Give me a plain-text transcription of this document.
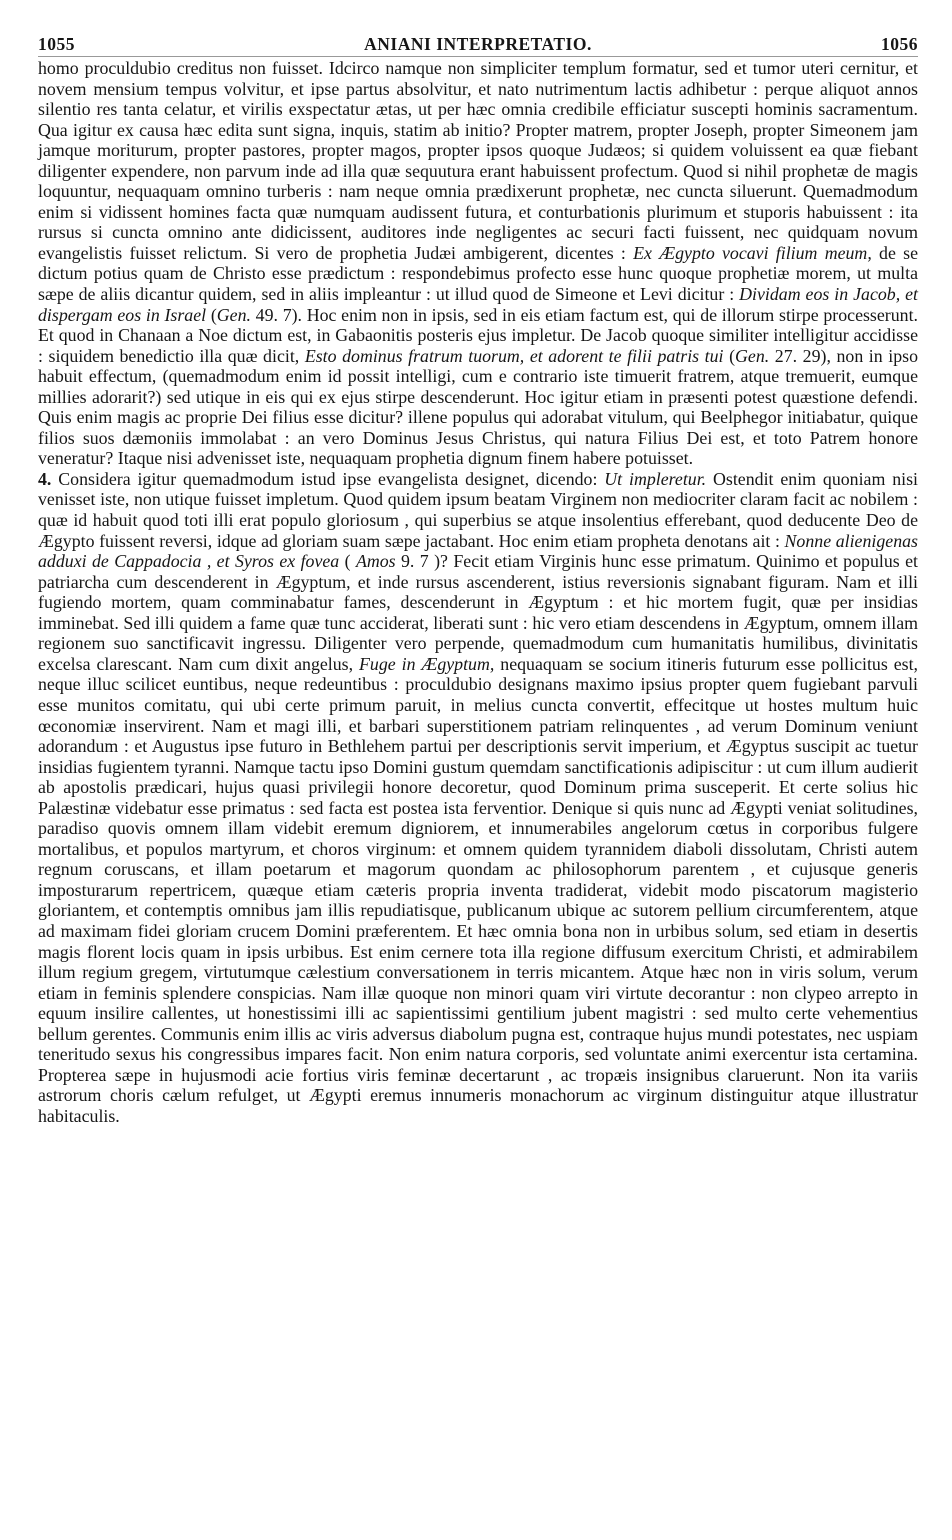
1055	ANIANI INTERPRETATIO.	1056

homo proculdubio creditus non fuisset. Idcirco namque non simpliciter templum formatur, sed et tumor uteri cernitur, et novem mensium tempus volvitur, et ipse partus absolvitur, et nato nutrimentum lactis adhibetur : perque aliquot annos silentio res tanta celatur, et virilis exspectatur ætas, ut per hæc omnia credibile efficiatur suscepti hominis sacramentum. Qua igitur ex causa hæc edita sunt signa, inquis, statim ab initio? Propter matrem, propter Joseph, propter Simeonem jam jamque moriturum, propter pastores, propter magos, propter ipsos quoque Judæos; si quidem voluissent ea quæ fiebant diligenter expendere, non parvum inde ad illa quæ sequutura erant habuissent profectum. Quod si nihil prophetæ de magis loquuntur, nequaquam omnino turberis : nam neque omnia prædixerunt prophetæ, nec cuncta siluerunt. Quemadmodum enim si vidissent homines facta quæ numquam audissent futura, et conturbationis plurimum et stuporis habuissent : ita rursus si cuncta omnino ante didicissent, auditores inde negligentes ac securi facti fuissent, nec quidquam novum evangelistis fuisset relictum. Si vero de prophetia Judæi ambigerent, dicentes : Ex Ægypto vocavi filium meum, de se dictum potius quam de Christo esse prædictum : respondebimus profecto esse hunc quoque prophetiæ morem, ut multa sæpe de aliis dicantur quidem, sed in aliis impleantur : ut illud quod de Simeone et Levi dicitur : Dividam eos in Jacob, et dispergam eos in Israel (Gen. 49. 7). Hoc enim non in ipsis, sed in eis etiam factum est, qui de illorum stirpe processerunt. Et quod in Chanaan a Noe dictum est, in Gabaonitis posteris ejus impletur. De Jacob quoque similiter intelligitur accidisse : siquidem benedictio illa quæ dicit, Esto dominus fratrum tuorum, et adorent te filii patris tui (Gen. 27. 29), non in ipso habuit effectum, (quemadmodum enim id possit intelligi, cum e contrario iste timuerit fratrem, atque tremuerit, eumque millies adorarit?) sed utique in eis qui ex ejus stirpe descenderunt. Hoc igitur etiam in præsenti potest quæstione defendi. Quis enim magis ac proprie Dei filius esse dicitur? illene populus qui adorabat vitulum, qui Beelphegor initiabatur, quique filios suos dæmoniis immolabat : an vero Dominus Jesus Christus, qui natura Filius Dei est, et toto Patrem honore veneratur? Itaque nisi advenisset iste, nequaquam prophetia dignum finem habere potuisset.

4. Considera igitur quemadmodum istud ipse evangelista designet, dicendo: Ut impleretur. Ostendit enim quoniam nisi venisset iste, non utique fuisset impletum. Quod quidem ipsum beatam Virginem non mediocriter claram facit ac nobilem : quæ id habuit quod toti illi erat populo gloriosum , qui superbius se atque insolentius efferebant, quod deducente Deo de Ægypto fuissent reversi, idque ad gloriam suam sæpe jactabant. Hoc enim etiam propheta denotans ait : Nonne alienigenas adduxi de Cappadocia , et Syros ex fovea ( Amos 9. 7 )? Fecit etiam Virginis hunc esse primatum. Quinimo et populus et patriarcha cum descenderent in Ægyptum, et inde rursus ascenderent, istius reversionis signabant figuram. Nam et illi fugiendo mortem, quam comminabatur fames, descenderunt in Ægyptum : et hic mortem fugit, quæ per insidias imminebat. Sed illi quidem a fame quæ tunc acciderat, liberati sunt : hic vero etiam descendens in Ægyptum, omnem illam regionem suo sanctificavit ingressu. Diligenter vero perpende, quemadmodum cum humanitatis humilibus, divinitatis excelsa clarescant. Nam cum dixit angelus, Fuge in Ægyptum, nequaquam se socium itineris futurum esse pollicitus est, neque illuc scilicet euntibus, neque redeuntibus : proculdubio designans maximo ipsius propter quem fugiebant parvuli esse munitos comitatu, qui ubi certe primum paruit, in melius cuncta convertit, effecitque ut hostes multum huic œconomiæ inservirent. Nam et magi illi, et barbari superstitionem patriam relinquentes , ad verum Dominum veniunt adorandum : et Augustus ipse futuro in Bethlehem partui per descriptionis servit imperium, et Ægyptus suscipit ac tuetur insidias fugientem tyranni. Namque tactu ipso Domini gustum quemdam sanctificationis adipiscitur : ut cum illum audierit ab apostolis prædicari, hujus quasi privilegii honore decoretur, quod Dominum prima susceperit. Et certe solius hic Palæstinæ videbatur esse primatus : sed facta est postea ista ferventior. Denique si quis nunc ad Ægypti veniat solitudines, paradiso quovis omnem illam videbit eremum digniorem, et innumerabiles angelorum cœtus in corporibus fulgere mortalibus, et populos martyrum, et choros virginum: et omnem quidem tyrannidem diaboli dissolutam, Christi autem regnum coruscans, et illam poetarum et magorum quondam ac philosophorum parentem , et cujusque generis imposturarum repertricem, quæque etiam cæteris propria inventa tradiderat, videbit modo piscatorum magisterio gloriantem, et contemptis omnibus jam illis repudiatisque, publicanum ubique ac sutorem pellium circumferentem, atque ad maximam fidei gloriam crucem Domini præferentem. Et hæc omnia bona non in urbibus solum, sed etiam in desertis magis florent locis quam in ipsis urbibus. Est enim cernere tota illa regione diffusum exercitum Christi, et admirabilem illum regium gregem, virtutumque cælestium conversationem in terris micantem. Atque hæc non in viris solum, verum etiam in feminis splendere conspicias. Nam illæ quoque non minori quam viri virtute decorantur : non clypeo arrepto in equum insilire callentes, ut honestissimi illi ac sapientissimi gentilium jubent magistri : sed multo certe vehementius bellum gerentes. Communis enim illis ac viris adversus diabolum pugna est, contraque hujus mundi potestates, nec uspiam teneritudo sexus his congressibus impares facit. Non enim natura corporis, sed voluntate animi exercentur ista certamina. Propterea sæpe in hujusmodi acie fortius viris feminæ decertarunt , ac tropæis insignibus claruerunt. Non ita variis astrorum choris cælum refulget, ut Ægypti eremus innumeris monachorum ac virginum distinguitur atque illustratur habitaculis.
